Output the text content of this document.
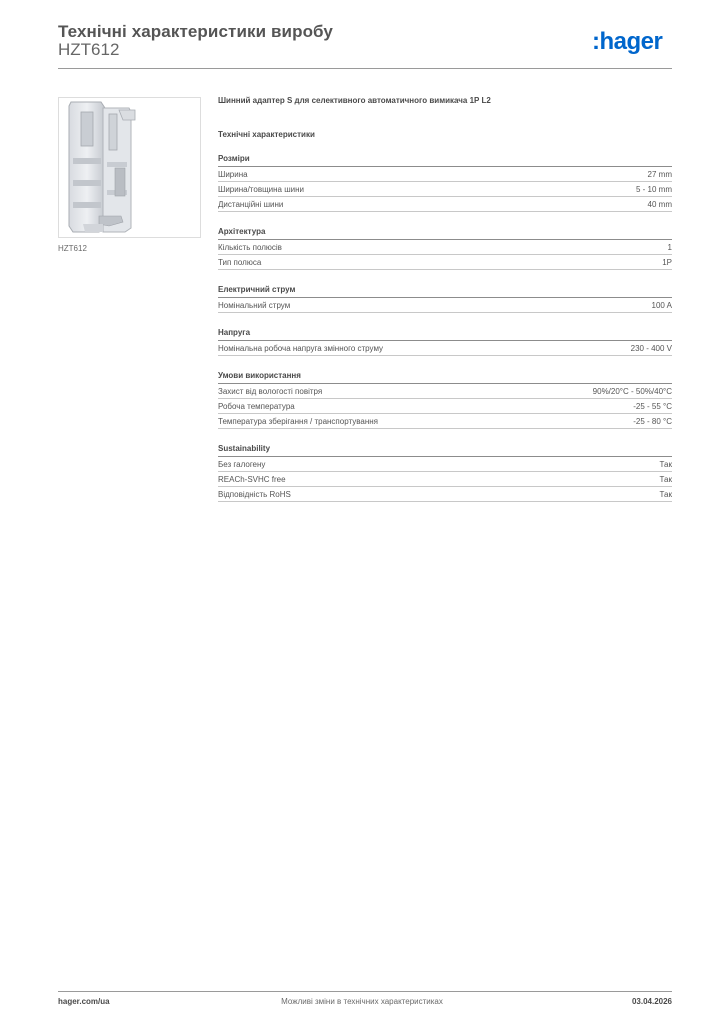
Технічні характеристики виробу
HZT612	:hager
HZT612
Шинний адаптер S для селективного автоматичного вимикача 1P L2
Технічні характеристики
Розміри
Ширина	27 mm
Ширина/товщина шини	5 - 10 mm
Дистанційні шини	40 mm
Архітектура
Кількість полюсів	1
Тип полюса	1P
Електричний струм
Номінальний струм	100 A
Напруга
Номінальна робоча напруга змінного струму	230 - 400 V
Умови використання
Захист від вологості повітря	90%/20°C - 50%/40°C
Робоча температура	-25 - 55 °C
Температура зберігання / транспортування	-25 - 80 °C
Sustainability
Без галогену	Так
REACh-SVHC free	Так
Відповідність RoHS	Так
hager.com/ua	Можливі зміни в технічних характеристиках	03.04.2026
